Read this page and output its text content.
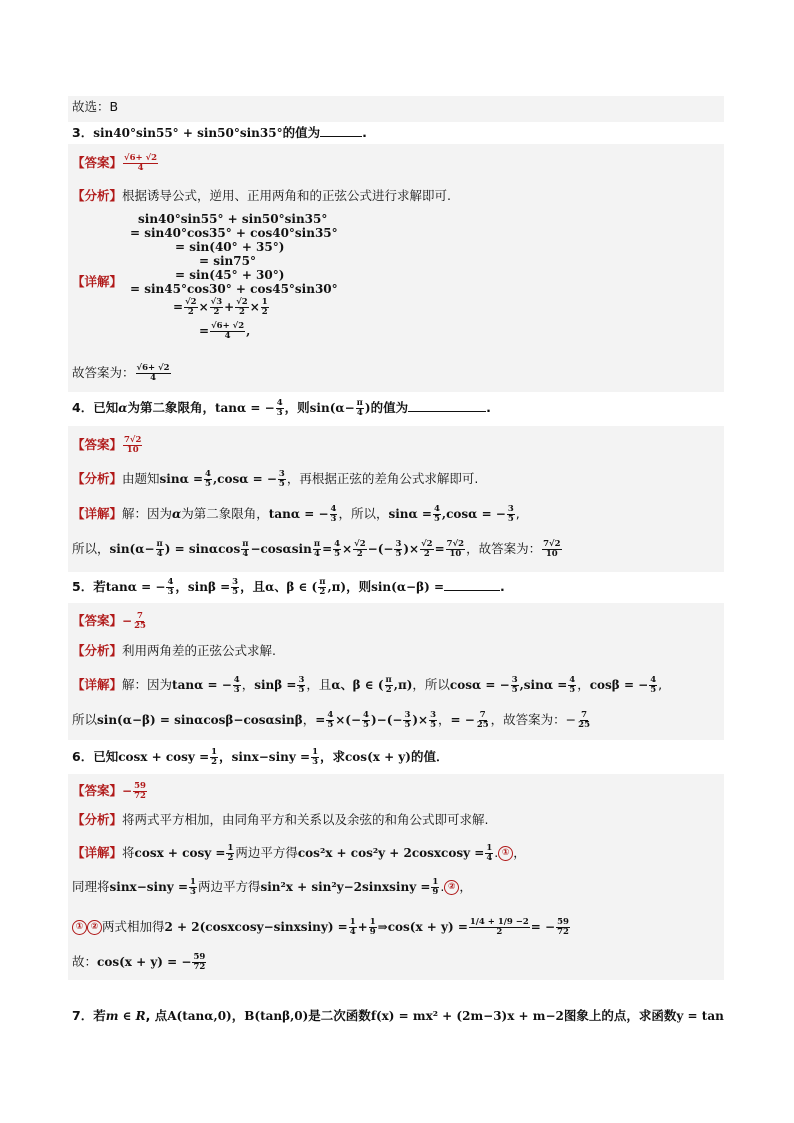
故选：B
3．sin40°sin55° + sin50°sin35°的值为	.
【答案】 $\frac{√6+ √2}{4}$
【分析】根据诱导公式，逆用、正用两角和的正弦公式进行求解即可.
【详解】
sin40°sin55° + sin50°sin35°
= sin40°cos35° + cos40°sin35°
= sin(40° + 35°)
= sin75°
= sin(45° + 30°)
= sin45°cos30° + cos45°sin30°
= $\frac{√2}{2} \times \frac{√3}{2} + \frac{√2}{2} \times \frac{1}{2}$
= $\frac{√6+ √2}{4}$ ,
故答案为： $\frac{√6+ √2}{4}$
4．已知α为第二象限角，tanα = − $\frac{4}{3}$ ，则$\sin(\alpha- \frac{\pi}{4}$ )的值为	.
【答案】 $\frac{7√2}{10}$
【分析】由题知$\sin\alpha = \frac{4}{5} ,\cos\alpha$ = − $\frac{3}{5}$ ，再根据正弦的差角公式求解即可.
【详解】解：因为α为第二象限角，tanα = − $\frac{4}{3}$ ，所以，$\sin\alpha = \frac{4}{5} ,\cos\alpha$ = − $\frac{3}{5}$ ,
所以，$\sin(\alpha- \frac{\pi}{4}$ ) = sinαcos $\frac{\pi}{4} -\cos\alpha\sin \frac{\pi}{4} = \frac{4}{5} \times \frac{√2}{2}$ −(− $\frac{3}{5}$ )× $\frac{√2}{2} = \frac{7√2}{10}$ ，故答案为： $\frac{7√2}{10}$
5．若tanα = − $\frac{4}{3}$ ，$\sin\beta = \frac{3}{5}$ ，且α、β ∈ ( $\frac{\pi}{2} ,\pi$)，则sin(α−β) =	.
【答案】− $\frac{7}{25}$
【分析】利用两角差的正弦公式求解.
【详解】解：因为tanα = − $\frac{4}{3}$ ，$\sin\beta = \frac{3}{5}$ ，且α、β ∈ ( $\frac{\pi}{2} ,\pi$)，所以cosα = − $\frac{3}{5} ,\sin\alpha = \frac{4}{5}$ ，cosβ = − $\frac{4}{5}$ ,
所以sin(α−β) = sinαcosβ−cosαsinβ，= $\frac{4}{5}$ ×(− $\frac{4}{5}$ )−(− $\frac{3}{5}$ )× $\frac{3}{5}$ ，= − $\frac{7}{25}$ ，故答案为：− $\frac{7}{25}$
6．已知$\cos x + \cos y = \frac{1}{2}$ ，$\sin x-\sin y = \frac{1}{3}$ ，求cos(x + y)的值．
【答案】− $\frac{59}{72}$
【分析】将两式平方相加，由同角平方和关系以及余弦的和角公式即可求解.
【详解】将$\cos x + \cos y = \frac{1}{2}$ 两边平方得cos²x + cos²y + 2cosxcosy = $\frac{1}{4}$ . ① ，
同理将$\sin x-\sin y = \frac{1}{3}$ 两边平方得sin²x + sin²y−2sinxsiny = $\frac{1}{9}$ . ② ，
① ② 两式相加得2 + 2(cosxcosy−sinxsiny) = $\frac{1}{4} + \frac{1}{9}$ ⇒cos(x + $y) = \frac{1/4 + 1/9 -2}{2}$ = − $\frac{59}{72}$
故：cos(x + y) = − $\frac{59}{72}$
7．若m ∈ R, 点A(tanα,0)，B(tanβ,0)是二次函数f(x) = mx² + (2m−3)x + m−2图象上的点，求函数y = tan
